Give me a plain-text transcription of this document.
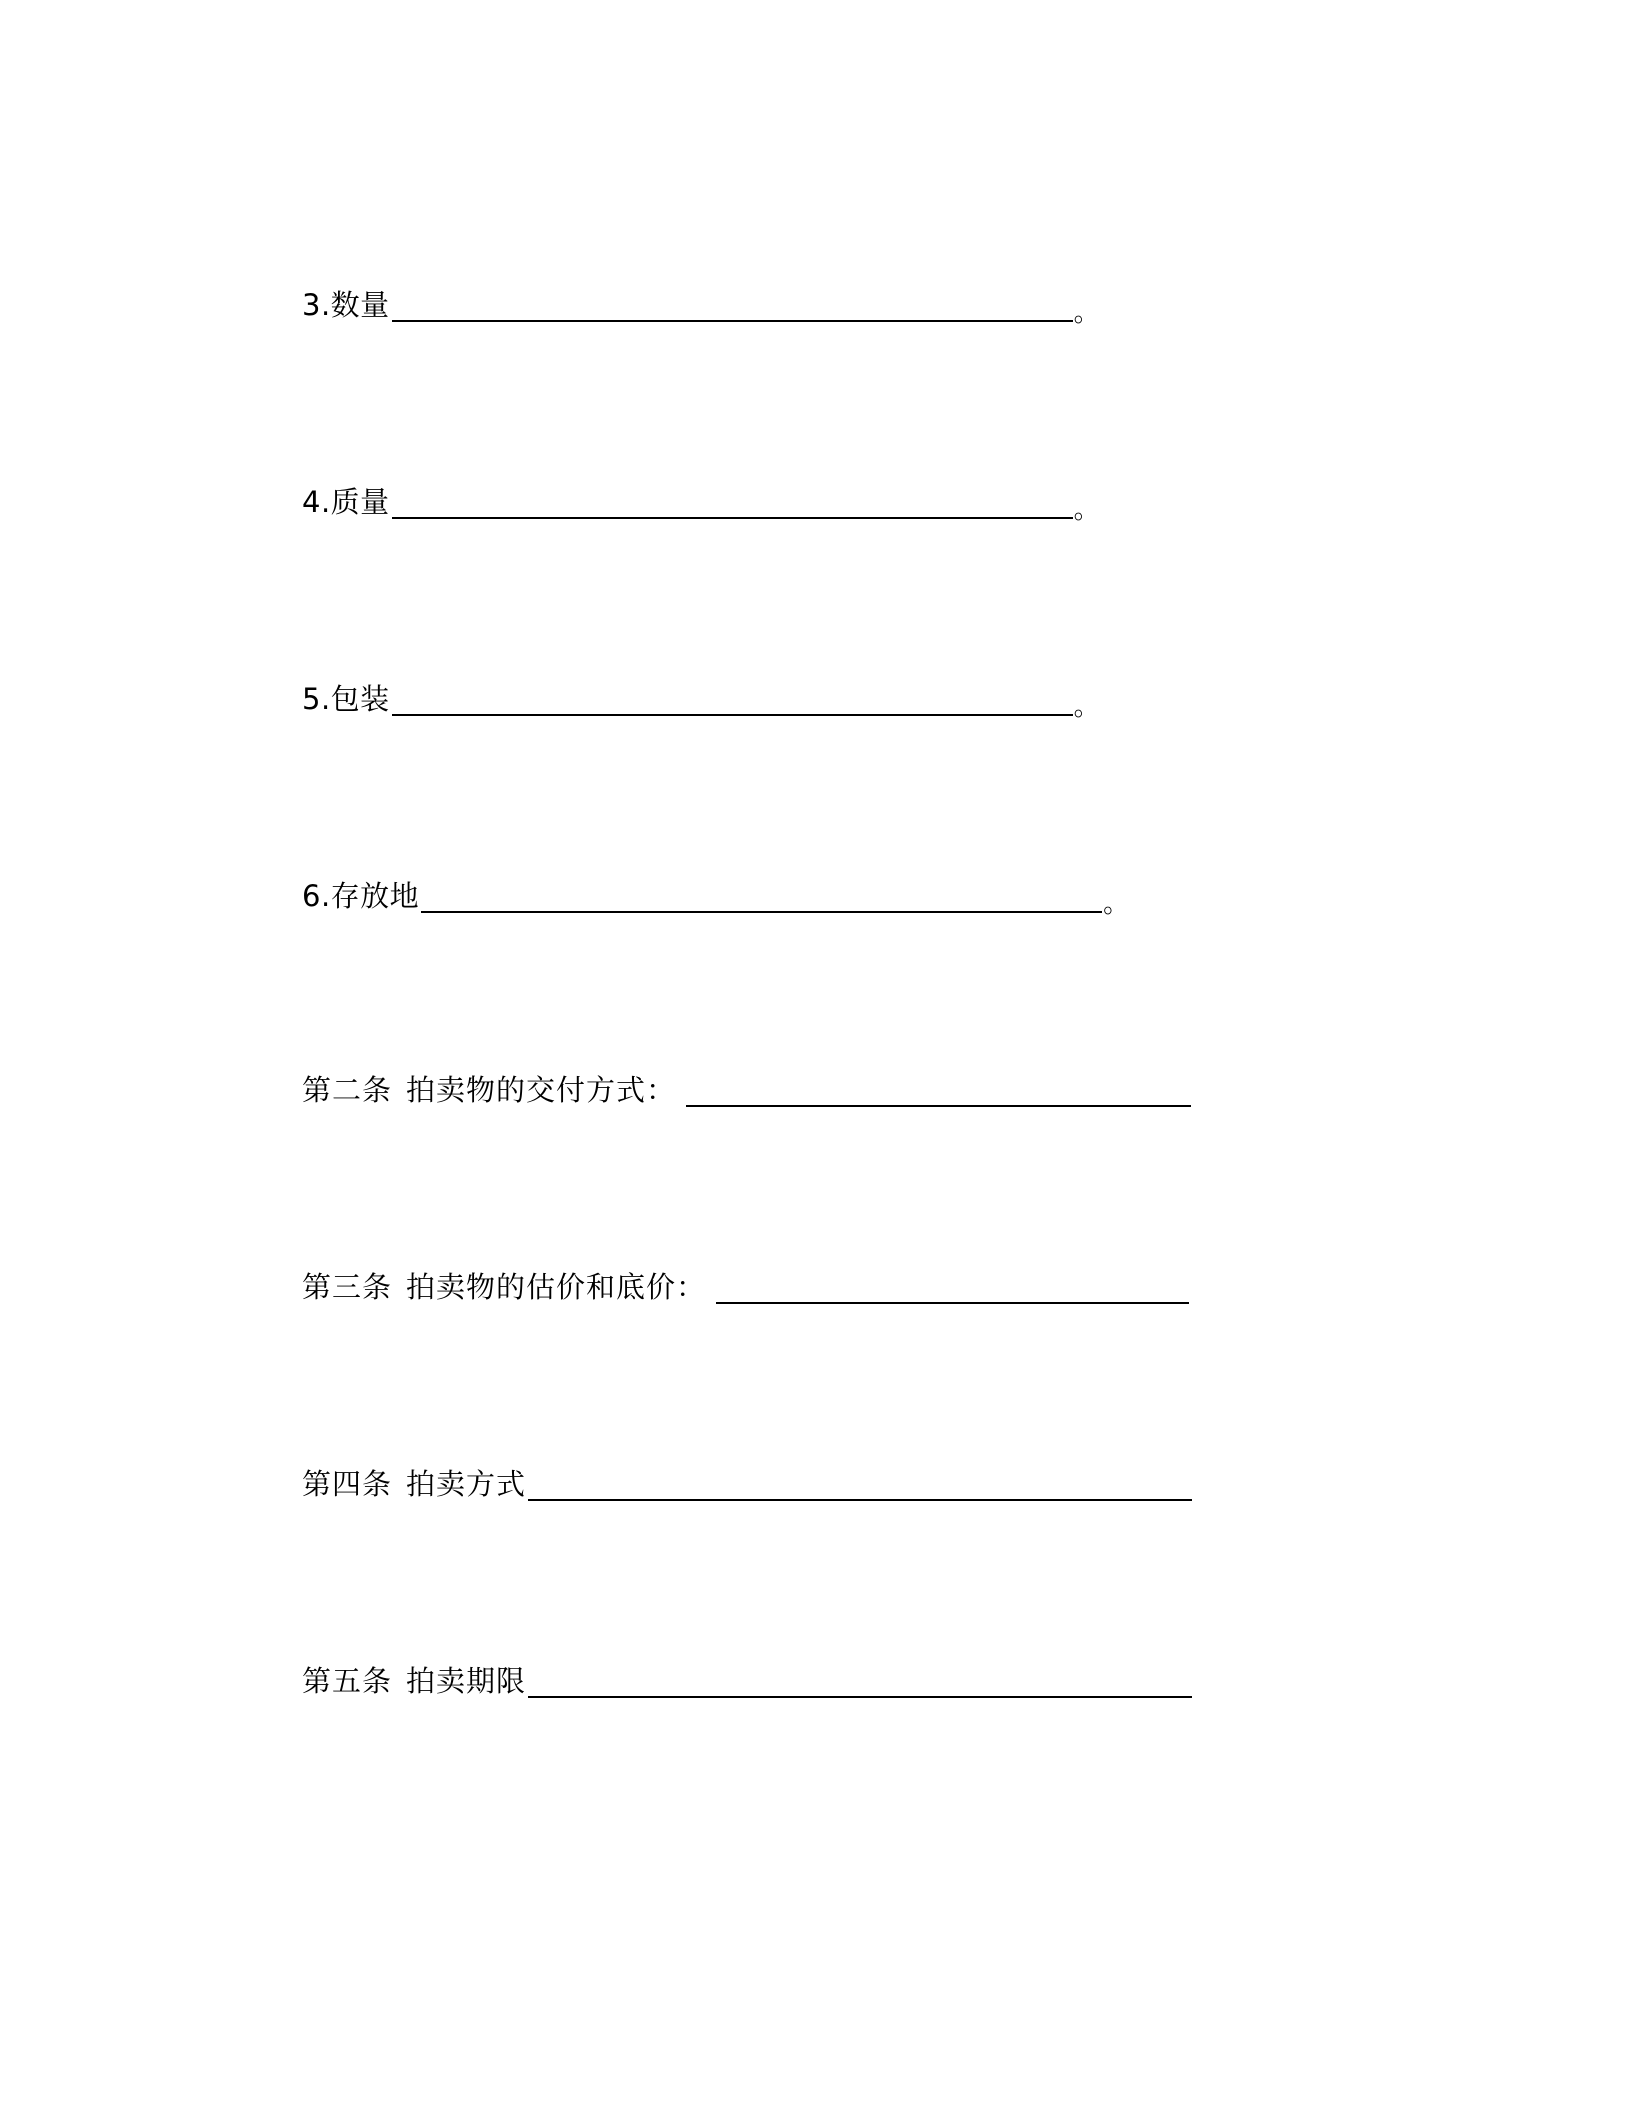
3.数量	。
4.质量	。
5.包装	。
6.存放地	。
第二条 拍卖物的交付方式：
第三条 拍卖物的估价和底价：
第四条 拍卖方式
第五条 拍卖期限
